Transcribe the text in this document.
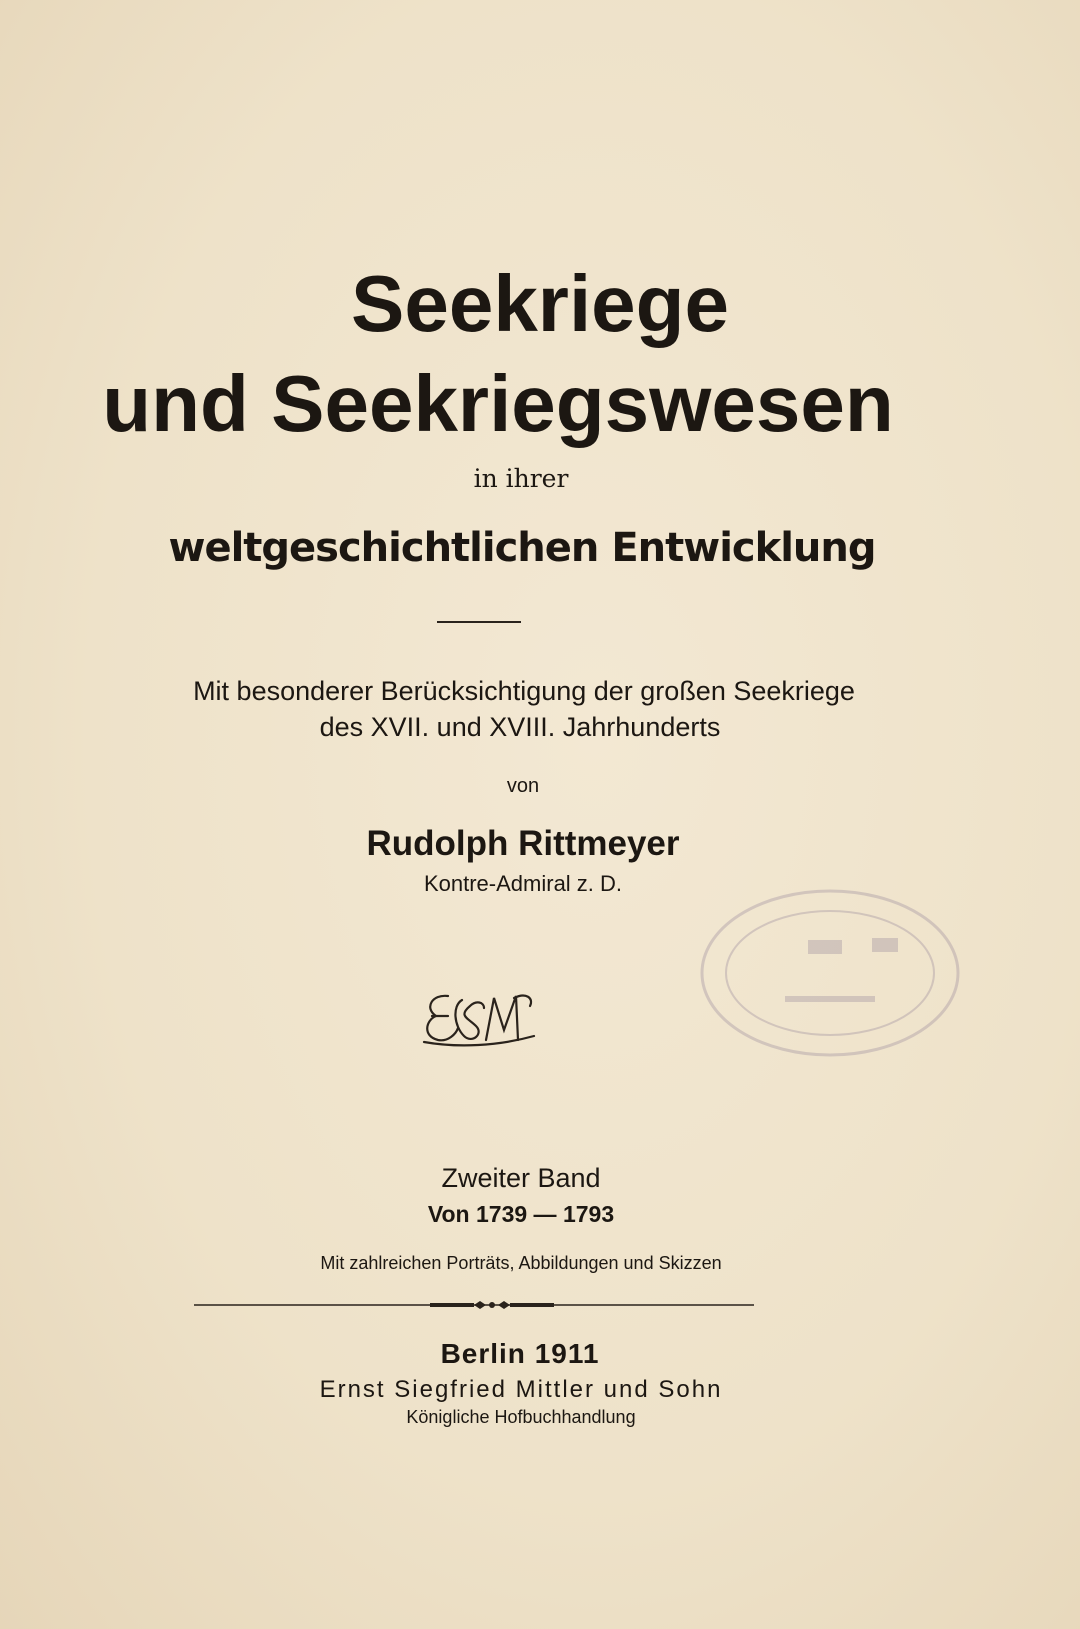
Seekriege
und Seekriegswesen
in ihrer
weltgeschichtlichen Entwicklung
Mit besonderer Berücksichtigung der großen Seekriege
des XVII. und XVIII. Jahrhunderts
von
Rudolph Rittmeyer
Kontre-Admiral z. D.
Zweiter Band
Von 1739 — 1793
Mit zahlreichen Porträts, Abbildungen und Skizzen
Berlin 1911
Ernst Siegfried Mittler und Sohn
Königliche Hofbuchhandlung
